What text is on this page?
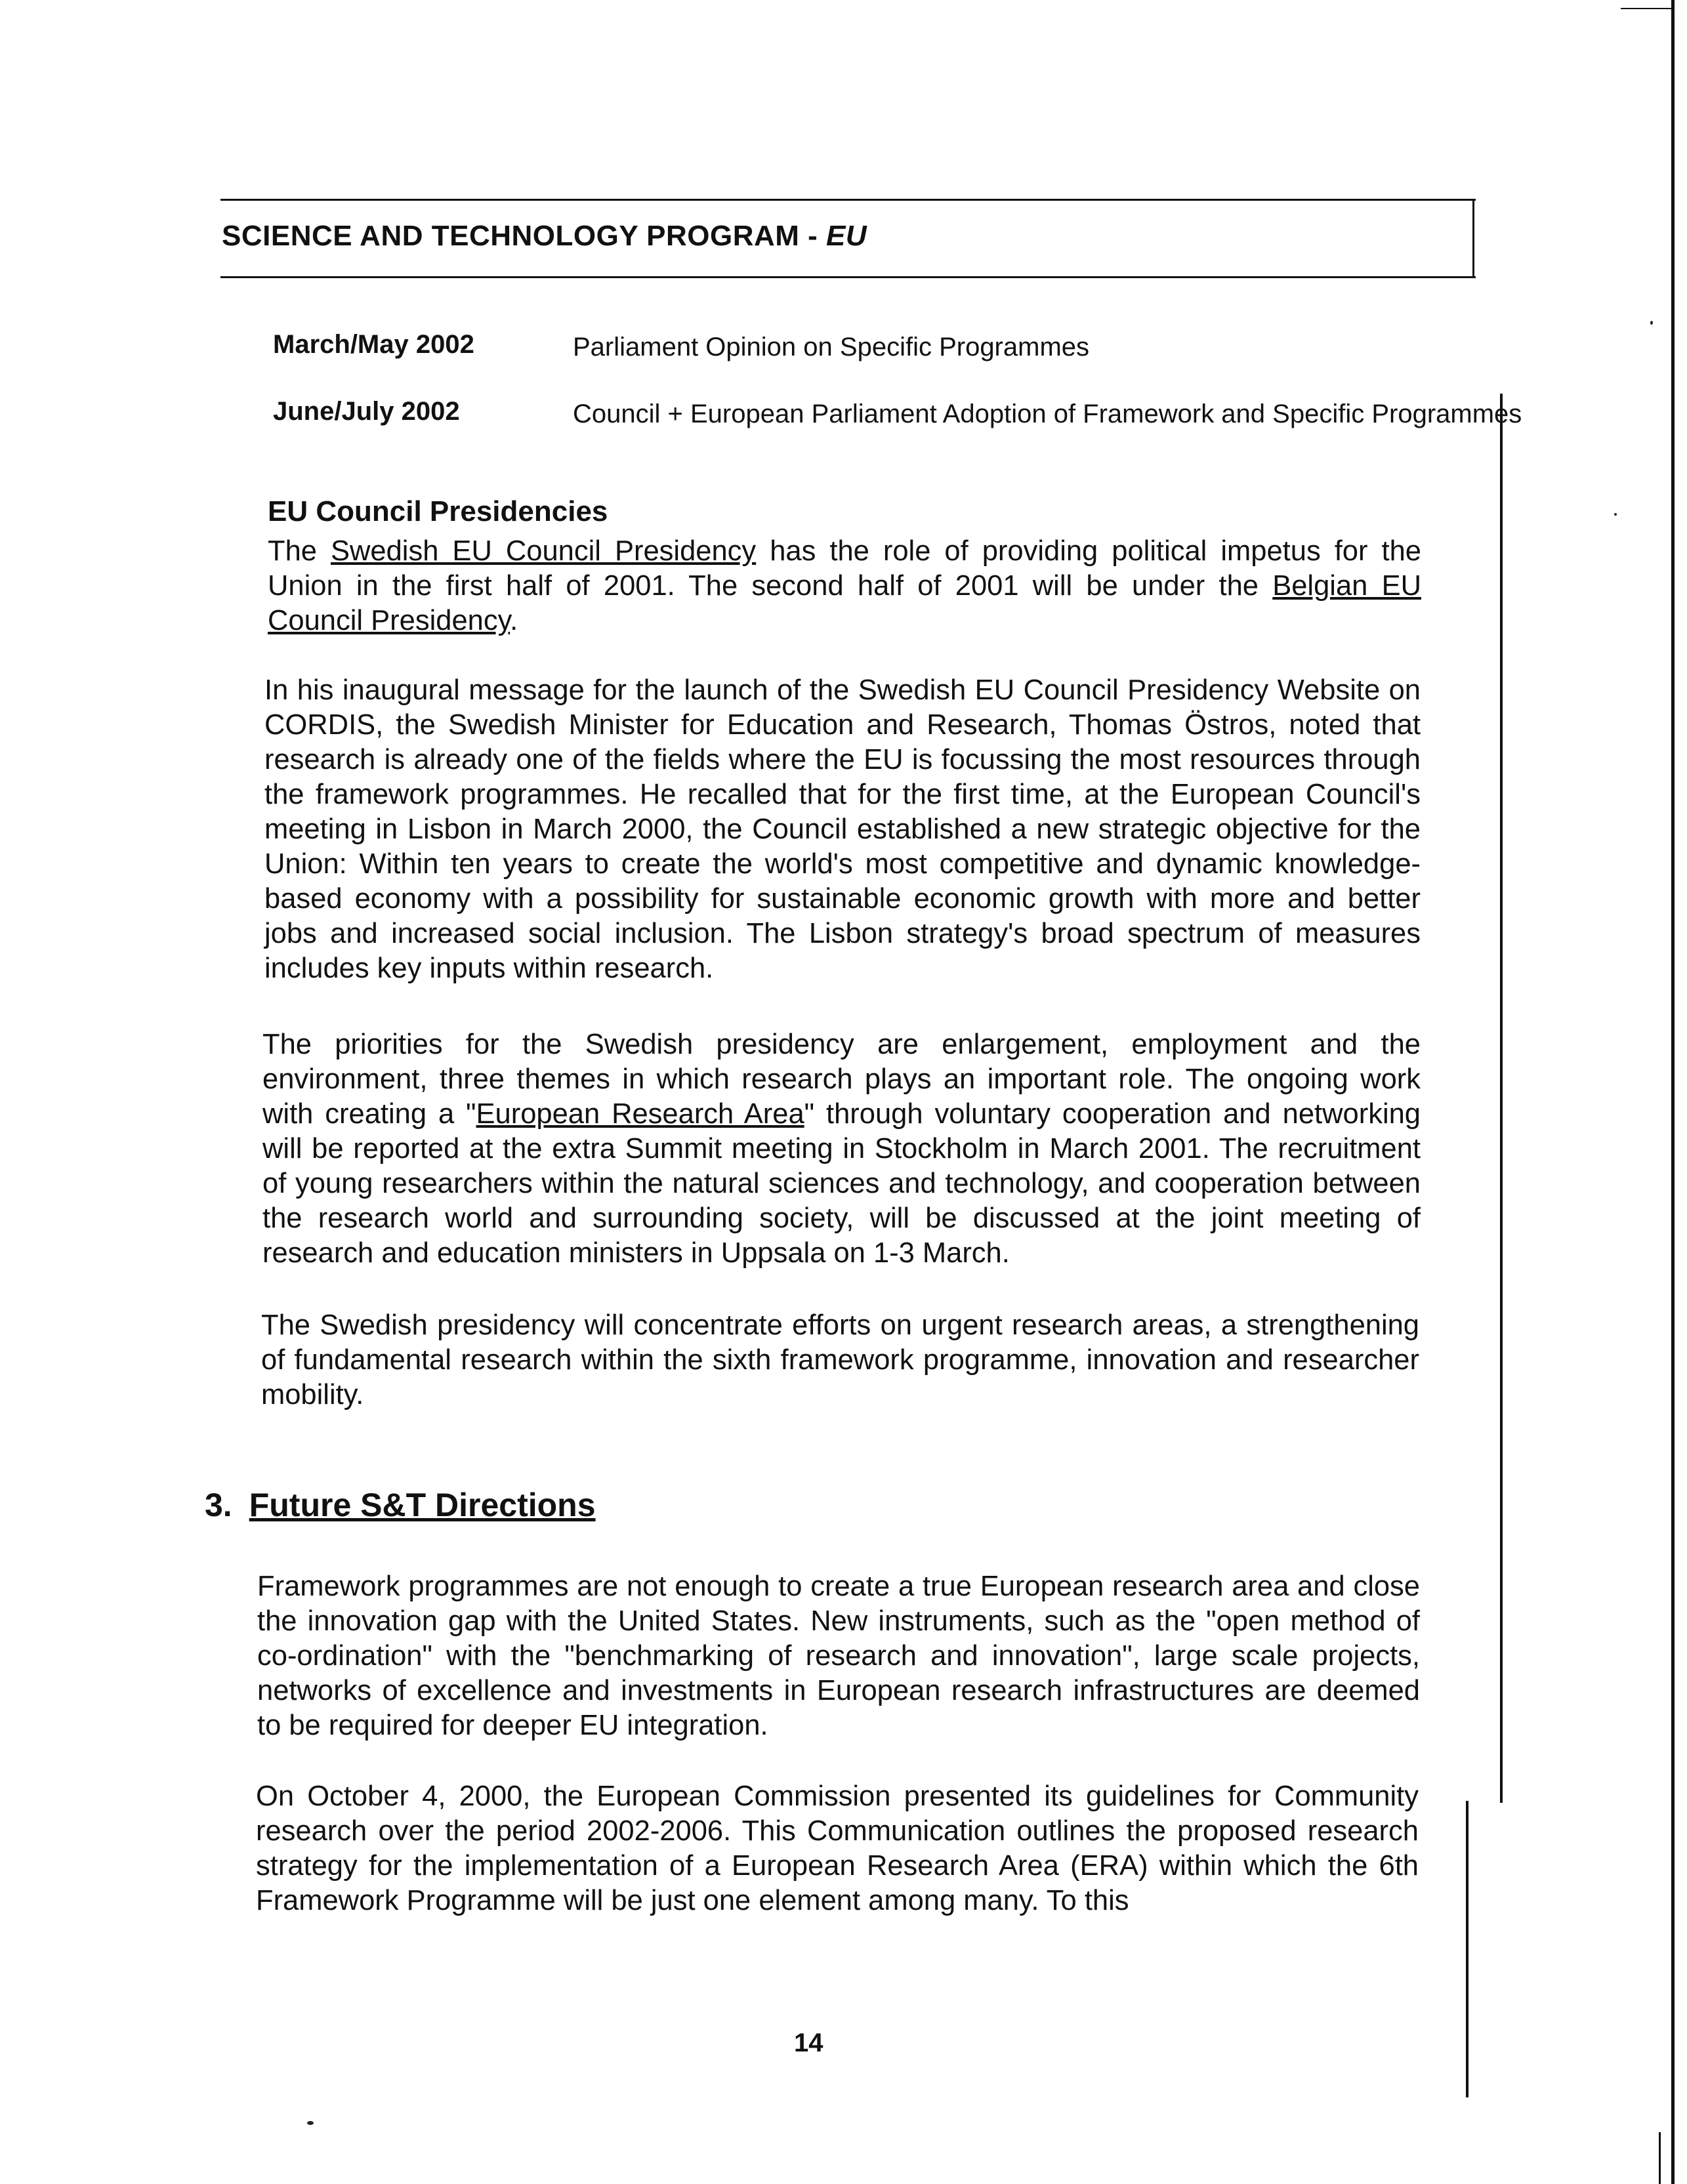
SCIENCE AND TECHNOLOGY PROGRAM - EU
March/May 2002	Parliament Opinion on Specific Programmes
June/July 2002	Council + European Parliament Adoption of Framework and Specific Programmes
EU Council Presidencies

The Swedish EU Council Presidency has the role of providing political impetus for the Union in the first half of 2001. The second half of 2001 will be under the Belgian EU Council Presidency.

In his inaugural message for the launch of the Swedish EU Council Presidency Website on CORDIS, the Swedish Minister for Education and Research, Thomas Östros, noted that research is already one of the fields where the EU is focussing the most resources through the framework programmes. He recalled that for the first time, at the European Council's meeting in Lisbon in March 2000, the Council established a new strategic objective for the Union: Within ten years to create the world's most competitive and dynamic knowledge-based economy with a possibility for sustainable economic growth with more and better jobs and increased social inclusion. The Lisbon strategy's broad spectrum of measures includes key inputs within research.

The priorities for the Swedish presidency are enlargement, employment and the environment, three themes in which research plays an important role. The ongoing work with creating a "European Research Area" through voluntary cooperation and networking will be reported at the extra Summit meeting in Stockholm in March 2001. The recruitment of young researchers within the natural sciences and technology, and cooperation between the research world and surrounding society, will be discussed at the joint meeting of research and education ministers in Uppsala on 1-3 March.

The Swedish presidency will concentrate efforts on urgent research areas, a strengthening of fundamental research within the sixth framework programme, innovation and researcher mobility.

3. Future S&T Directions

Framework programmes are not enough to create a true European research area and close the innovation gap with the United States. New instruments, such as the "open method of co-ordination" with the "benchmarking of research and innovation", large scale projects, networks of excellence and investments in European research infrastructures are deemed to be required for deeper EU integration.

On October 4, 2000, the European Commission presented its guidelines for Community research over the period 2002-2006. This Communication outlines the proposed research strategy for the implementation of a European Research Area (ERA) within which the 6th Framework Programme will be just one element among many. To this

14
